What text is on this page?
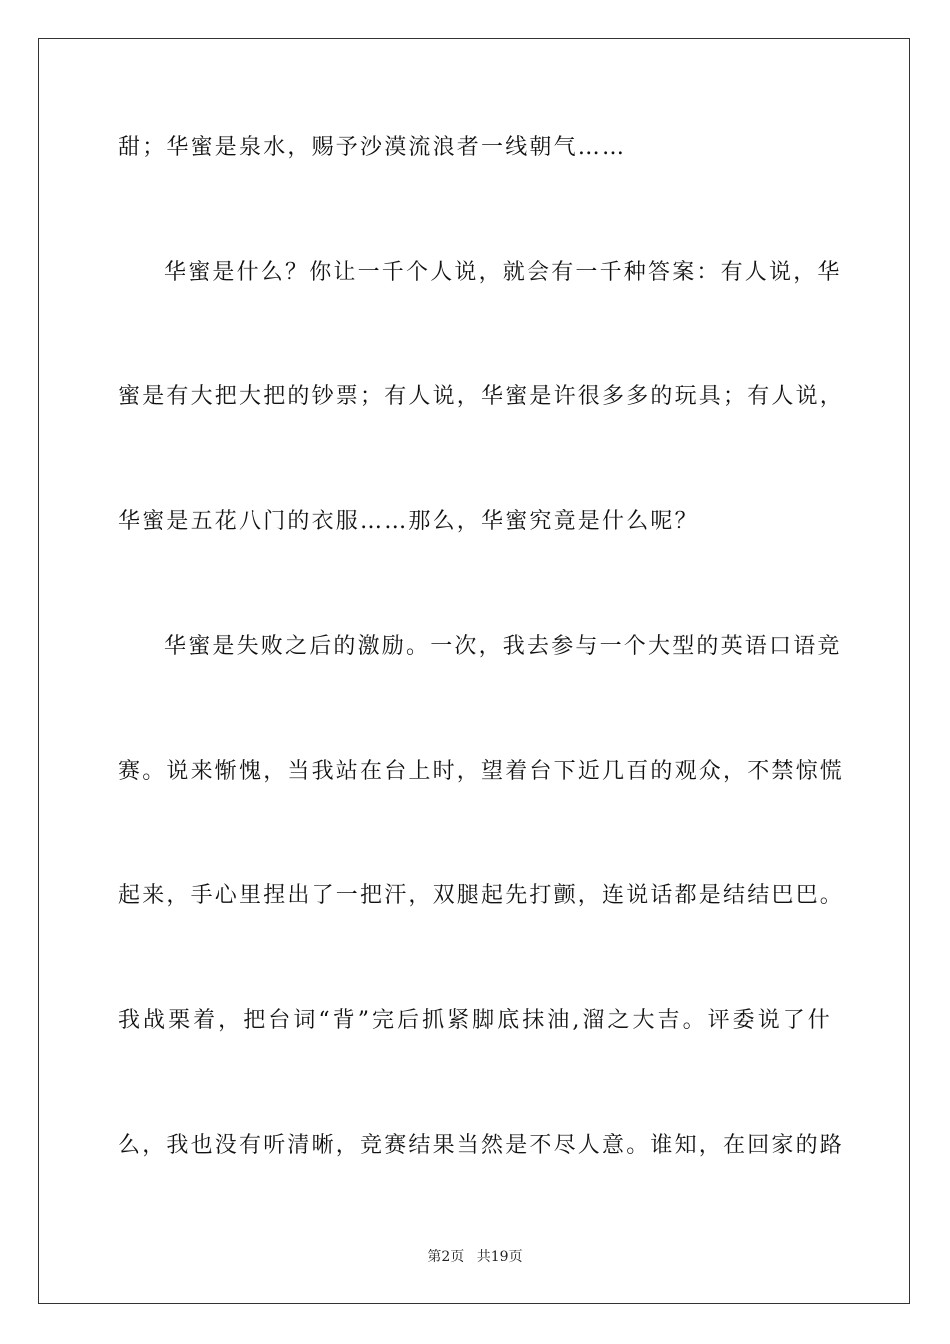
甜；华蜜是泉水，赐予沙漠流浪者一线朝气……
华蜜是什么？你让一千个人说，就会有一千种答案：有人说，华
蜜是有大把大把的钞票；有人说，华蜜是许很多多的玩具；有人说，
华蜜是五花八门的衣服……那么，华蜜究竟是什么呢？
华蜜是失败之后的激励。一次，我去参与一个大型的英语口语竞
赛。说来惭愧，当我站在台上时，望着台下近几百的观众，不禁惊慌
起来，手心里捏出了一把汗，双腿起先打颤，连说话都是结结巴巴。
我战栗着，把台词“背”完后抓紧脚底抹油,溜之大吉。评委说了什
么，我也没有听清晰，竞赛结果当然是不尽人意。谁知，在回家的路
第2页 共19页
